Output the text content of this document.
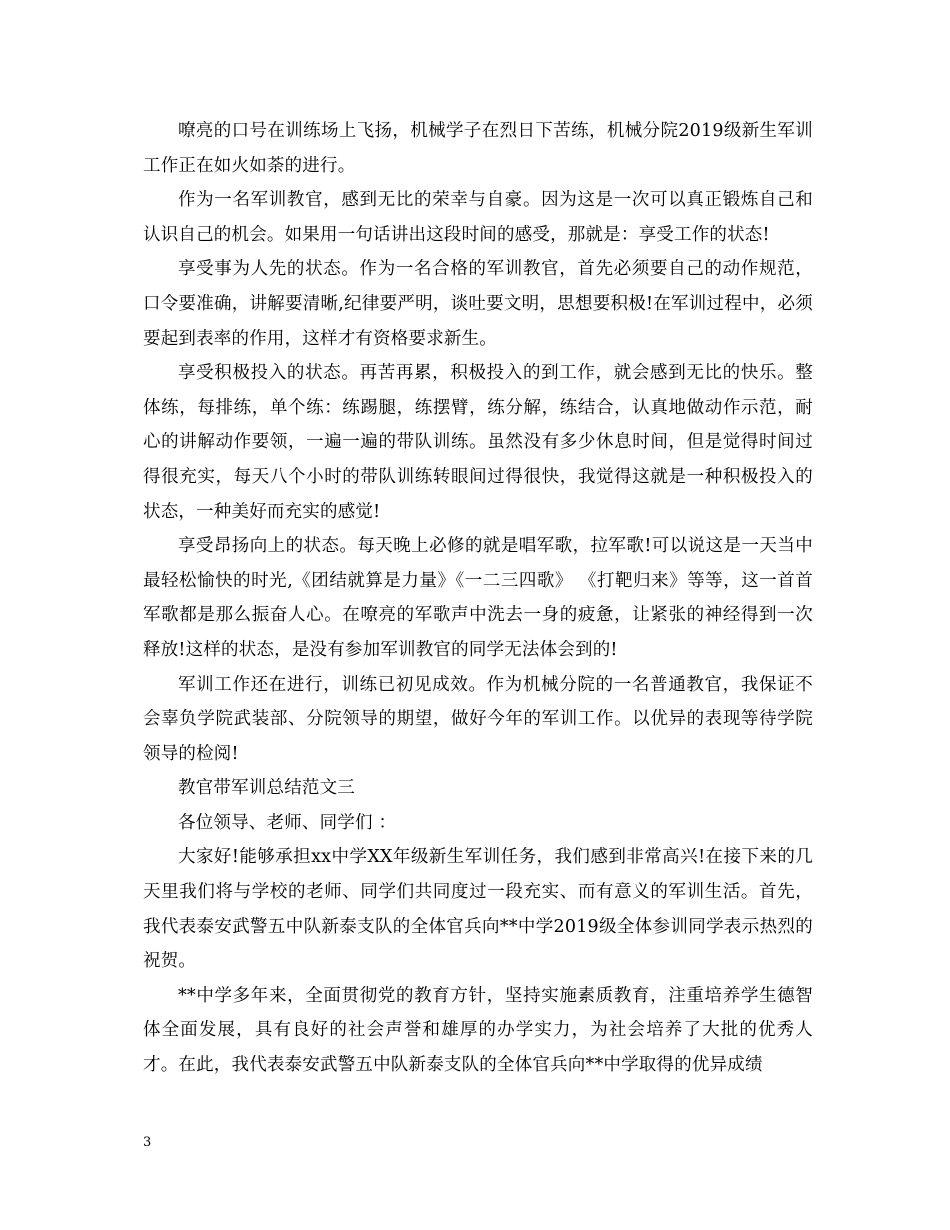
嘹亮的口号在训练场上飞扬，机械学子在烈日下苦练，机械分院2019级新生军训工作正在如火如荼的进行。

作为一名军训教官，感到无比的荣幸与自豪。因为这是一次可以真正锻炼自己和认识自己的机会。如果用一句话讲出这段时间的感受，那就是：享受工作的状态!

享受事为人先的状态。作为一名合格的军训教官，首先必须要自己的动作规范，口令要准确，讲解要清晰,纪律要严明，谈吐要文明，思想要积极!在军训过程中，必须要起到表率的作用，这样才有资格要求新生。

享受积极投入的状态。再苦再累，积极投入的到工作，就会感到无比的快乐。整体练，每排练，单个练：练踢腿，练摆臂，练分解，练结合，认真地做动作示范，耐心的讲解动作要领，一遍一遍的带队训练。虽然没有多少休息时间，但是觉得时间过得很充实，每天八个小时的带队训练转眼间过得很快，我觉得这就是一种积极投入的状态，一种美好而充实的感觉!

享受昂扬向上的状态。每天晚上必修的就是唱军歌，拉军歌!可以说这是一天当中最轻松愉快的时光,《团结就算是力量》《一二三四歌》 《打靶归来》等等，这一首首军歌都是那么振奋人心。在嘹亮的军歌声中洗去一身的疲惫，让紧张的神经得到一次释放!这样的状态，是没有参加军训教官的同学无法体会到的!

军训工作还在进行，训练已初见成效。作为机械分院的一名普通教官，我保证不会辜负学院武装部、分院领导的期望，做好今年的军训工作。以优异的表现等待学院领导的检阅!

教官带军训总结范文三

各位领导、老师、同学们 ：

大家好!能够承担xx中学XX年级新生军训任务，我们感到非常高兴!在接下来的几天里我们将与学校的老师、同学们共同度过一段充实、而有意义的军训生活。首先，我代表泰安武警五中队新泰支队的全体官兵向**中学2019级全体参训同学表示热烈的祝贺。

**中学多年来，全面贯彻党的教育方针，坚持实施素质教育，注重培养学生德智体全面发展，具有良好的社会声誉和雄厚的办学实力，为社会培养了大批的优秀人才。在此，我代表泰安武警五中队新泰支队的全体官兵向**中学取得的优异成绩

3
